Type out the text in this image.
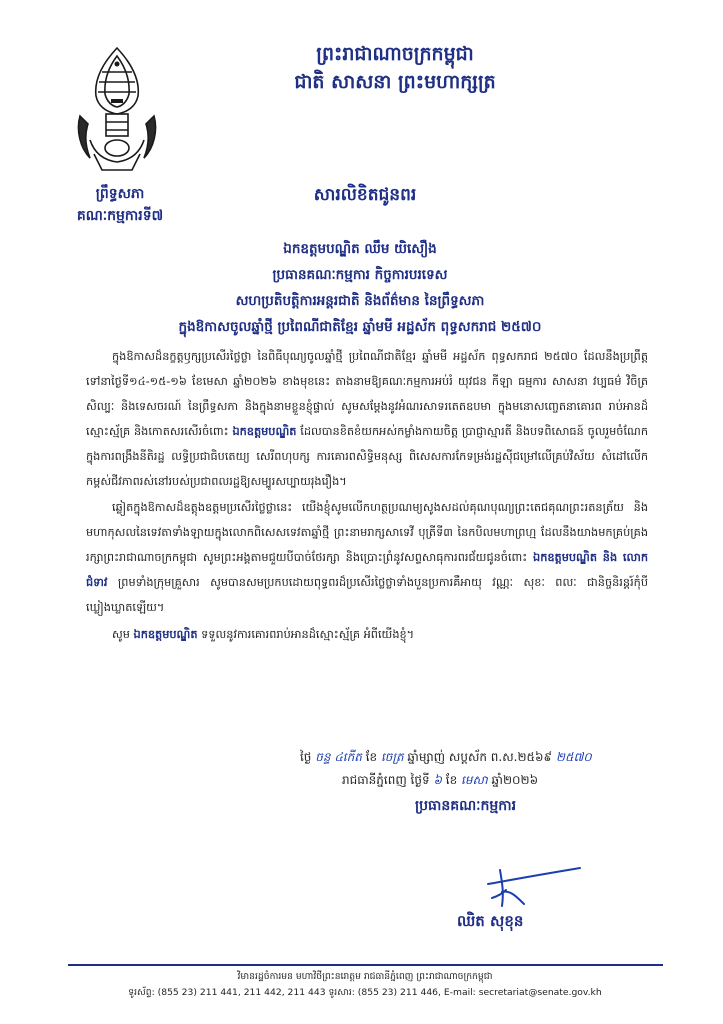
ព្រះរាជាណាចក្រកម្ពុជា
ជាតិ សាសនា ព្រះមហាក្សត្រ
ព្រឹទ្ធសភា
គណៈកម្មការទី៧
សារលិខិតជូនពរ
ឯកឧត្តមបណ្ឌិត ឈឹម យិសឿង
ប្រធានគណៈកម្មការ កិច្ចការបរទេស
សហប្រតិបត្តិការអន្តរជាតិ និងព័ត៌មាន នៃព្រឹទ្ធសភា
ក្នុងឱកាសចូលឆ្នាំថ្មី ប្រពៃណីជាតិខ្មែរ ឆ្នាំមមី អដ្ឋស័ក ពុទ្ធសករាជ ២៥៧០

ក្នុងឱកាសដ៏នក្ខត្តឫក្សប្រសើរថ្លៃថ្លា នៃពិធីបុណ្យចូលឆ្នាំថ្មី ប្រពៃណីជាតិខ្មែរ ឆ្នាំមមី អដ្ឋស័ក ពុទ្ធសករាជ ២៥៧០ ដែលនឹងប្រព្រឹត្តទៅនាថ្ងៃទី១៤-១៥-១៦ ខែមេសា ឆ្នាំ២០២៦ ខាងមុខនេះ តាងនាមឱ្យគណៈកម្មការអប់រំ យុវជន កីឡា ធម្មការ សាសនា វប្បធម៌ វិចិត្រសិល្បៈ និងទេសចរណ៍ នៃព្រឹទ្ធសភា និងក្នុងនាមខ្លួនខ្ញុំផ្ទាល់ សូមសម្ដែងនូវអំណរសាទរតេតឧបមា ក្នុងមនោសញ្ចេតនាគោរព រាប់អានដ៏ស្មោះស្ម័គ្រ និងកោតសរសើរចំពោះ ឯកឧត្តមបណ្ឌិត ដែលបានខិតខំយកអស់កម្លាំងកាយចិត្ត ប្រាជ្ញាស្មារតី និងបទពិសោធន៍ ចូលរួមចំណែកក្នុងការពង្រឹងនីតិរដ្ឋ លទ្ធិប្រជាធិបតេយ្យ សេរីពហុបក្ស ការគោរពសិទ្ធិមនុស្ស ពិសេសការកែទម្រង់រដ្ឋស៊ីជម្រៅលើគ្រប់វិស័យ សំដៅលើកកម្ពស់ជីវភាពរស់នៅរបស់ប្រជាពលរដ្ឋឱ្យសម្បូរសប្បាយរុងរឿង។

ឆ្លៀតក្នុងឱកាសដ៏ឧត្តុងឧត្តមប្រសើរថ្លៃថ្លានេះ យើងខ្ញុំសូមលើកហត្ថប្រណម្យសូងសដល់គុណបុណ្យព្រះតេជគុណព្រះរតនត្រ័យ និងមហាកុសលនៃទេវតាទាំងឡាយក្នុងលោកពិសេសទេវតាឆ្នាំថ្មី ព្រះនាមរាក្សសាទេវី បុត្រីទី៣ នៃកបិលមហាព្រហ្ម ដែលនឹងយាងមកគ្រប់គ្រងរក្សាព្រះរាជាណាចក្រកម្ពុជា សូមព្រះអង្គតាមជួយបីបាច់ថែរក្សា និងប្រោះព្រំនូវសព្ទសាធុការពរជ័យជូនចំពោះ ឯកឧត្តមបណ្ឌិត និង លោកជំទាវ ព្រមទាំងក្រុមគ្រួសារ សូមបានសមប្រកបដោយពុទ្ធពរដ៏ប្រសើរថ្លៃថ្លាទាំងបួនប្រការគឺអាយុ វណ្ណៈ សុខៈ ពលៈ ជានិច្ចនិរន្តរ៍កុំបីឃ្លៀងឃ្លាតឡើយ។

សូម ឯកឧត្តមបណ្ឌិត ទទួលនូវការគោរពរាប់អានដ៏ស្មោះស្ម័គ្រ អំពីយើងខ្ញុំ។

ថ្ងៃ ចន្ទ ៤កើត ខែ ចេត្រ ឆ្នាំម្សាញ់ សប្ដស័ក ព.ស.២៥៦៩ ២៥៧០
រាជធានីភ្នំពេញ ថ្ងៃទី ៦ ខែ មេសា ឆ្នាំ២០២៦
ប្រធានគណៈកម្មការ
ឈិត សុខុន
វិមានរដ្ឋចំការមន មហាវិថីព្រះនរោត្តម រាជធានីភ្នំពេញ ព្រះរាជាណាចក្រកម្ពុជា
ទូរស័ព្ទ: (855 23) 211 441, 211 442, 211 443 ទូរសារ: (855 23) 211 446, E-mail: secretariat@senate.gov.kh
